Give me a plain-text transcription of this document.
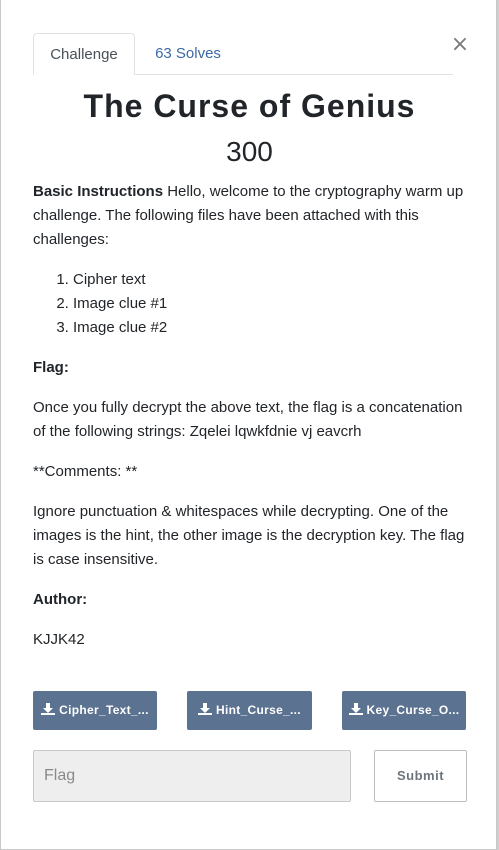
Challenge	63 Solves	×
The Curse of Genius
300

Basic Instructions Hello, welcome to the cryptography warm up challenge. The following files have been attached with this challenges:

1. Cipher text
2. Image clue #1
3. Image clue #2

Flag:

Once you fully decrypt the above text, the flag is a concatenation of the following strings: Zqelei lqwkfdnie vj eavcrh

**Comments: **

Ignore punctuation & whitespaces while decrypting. One of the images is the hint, the other image is the decryption key. The flag is case insensitive.

Author:

KJJK42

Cipher_Text_...	Hint_Curse_...	Key_Curse_O...
Flag
Submit
